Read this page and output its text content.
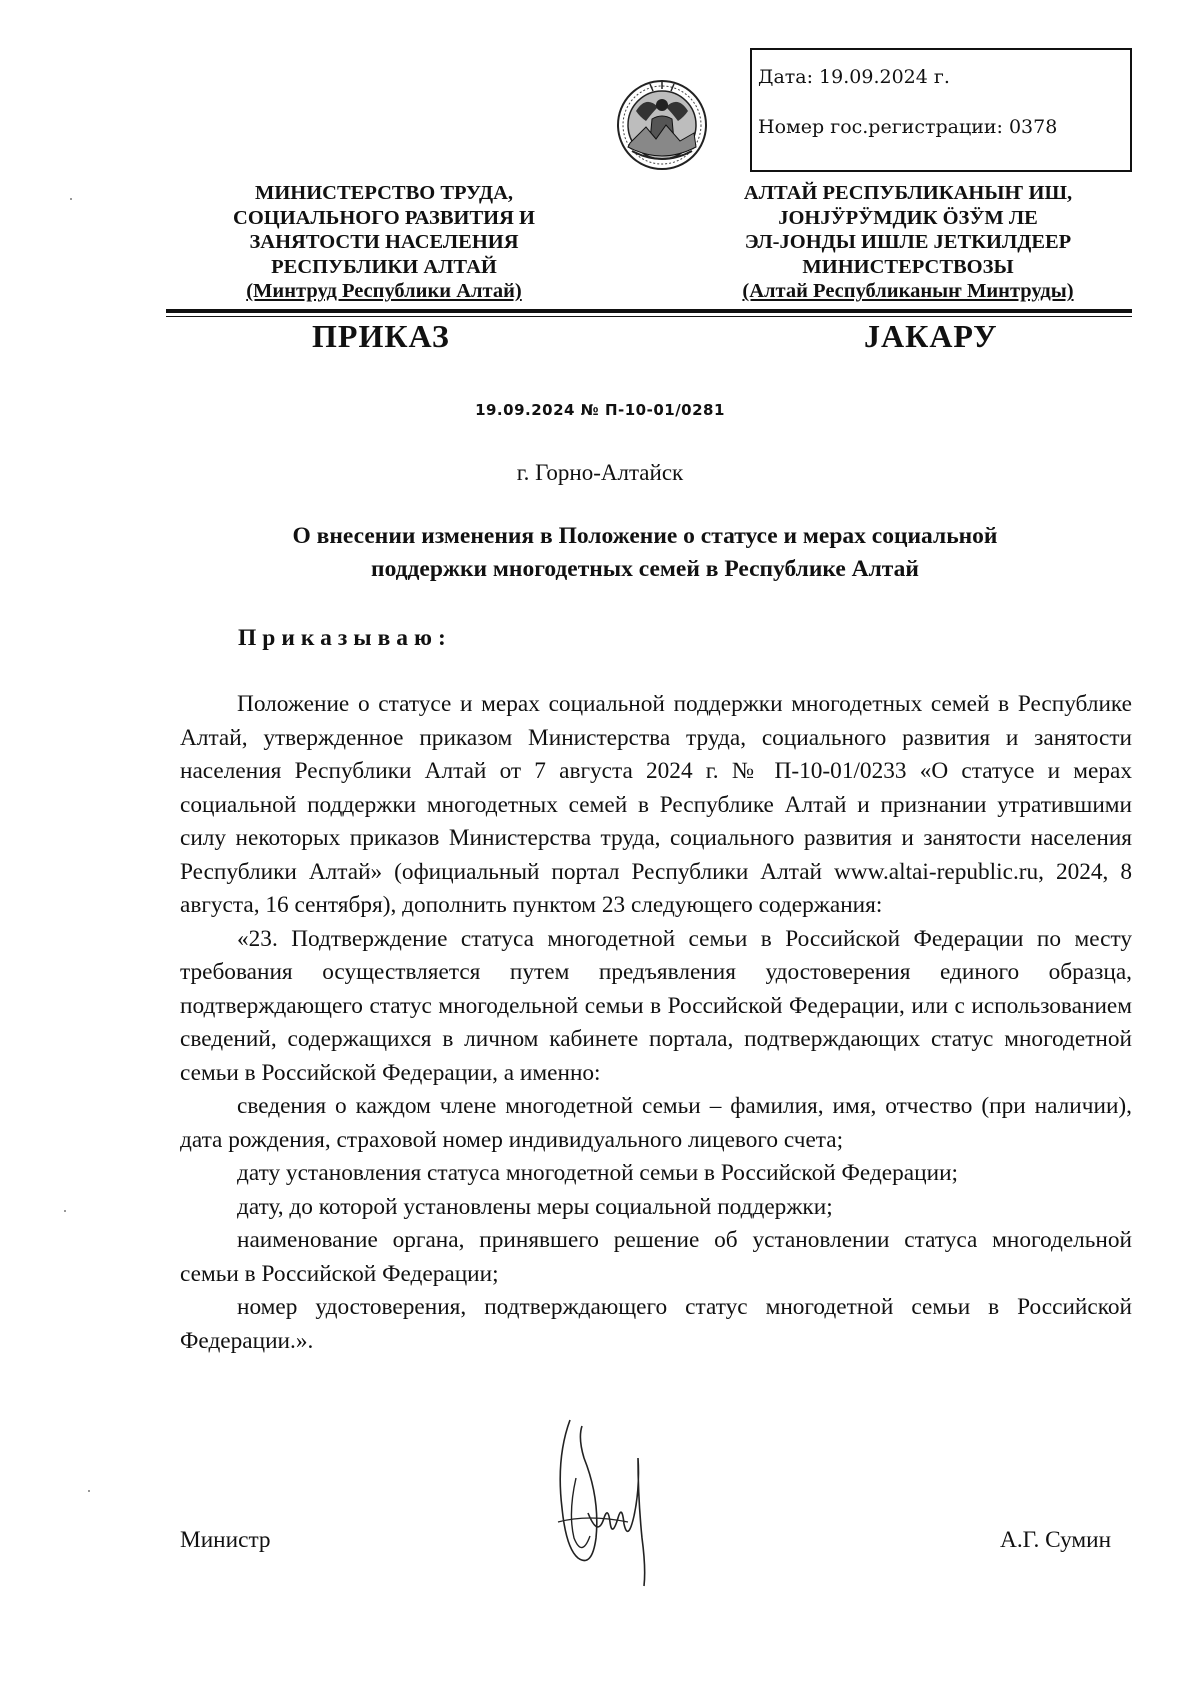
Дата: 19.09.2024 г.
Номер гос.регистрации: 0378
МИНИСТЕРСТВО ТРУДА,
СОЦИАЛЬНОГО РАЗВИТИЯ И
ЗАНЯТОСТИ НАСЕЛЕНИЯ
РЕСПУБЛИКИ АЛТАЙ
(Минтруд Республики Алтай)
АЛТАЙ РЕСПУБЛИКАНЫҤ ИШ,
ЈОНЈӰРӰМДИК ӦЗӰМ ЛЕ
ЭЛ-ЈОНДЫ ИШЛЕ ЈЕТКИЛДЕЕР
МИНИСТЕРСТВОЗЫ
(Алтай Республиканыҥ Минтруды)
ПРИКАЗ	ЈАКАРУ
19.09.2024 № П-10-01/0281
г. Горно-Алтайск
О внесении изменения в Положение о статусе и мерах социальной
поддержки многодетных семей в Республике Алтай
Приказываю:

Положение о статусе и мерах социальной поддержки многодетных семей в Республике Алтай, утвержденное приказом Министерства труда, социального развития и занятости населения Республики Алтай от 7 августа 2024 г. № П-10-01/0233 «О статусе и мерах социальной поддержки многодетных семей в Республике Алтай и признании утратившими силу некоторых приказов Министерства труда, социального развития и занятости населения Республики Алтай» (официальный портал Республики Алтай www.altai-republic.ru, 2024, 8 августа, 16 сентября), дополнить пунктом 23 следующего содержания:

«23. Подтверждение статуса многодетной семьи в Российской Федерации по месту требования осуществляется путем предъявления удостоверения единого образца, подтверждающего статус многодельной семьи в Российской Федерации, или с использованием сведений, содержащихся в личном кабинете портала, подтверждающих статус многодетной семьи в Российской Федерации, а именно:

сведения о каждом члене многодетной семьи – фамилия, имя, отчество (при наличии), дата рождения, страховой номер индивидуального лицевого счета;

дату установления статуса многодетной семьи в Российской Федерации;

дату, до которой установлены меры социальной поддержки;

наименование органа, принявшего решение об установлении статуса многодельной семьи в Российской Федерации;

номер удостоверения, подтверждающего статус многодетной семьи в Российской Федерации.».

Министр	А.Г. Сумин
